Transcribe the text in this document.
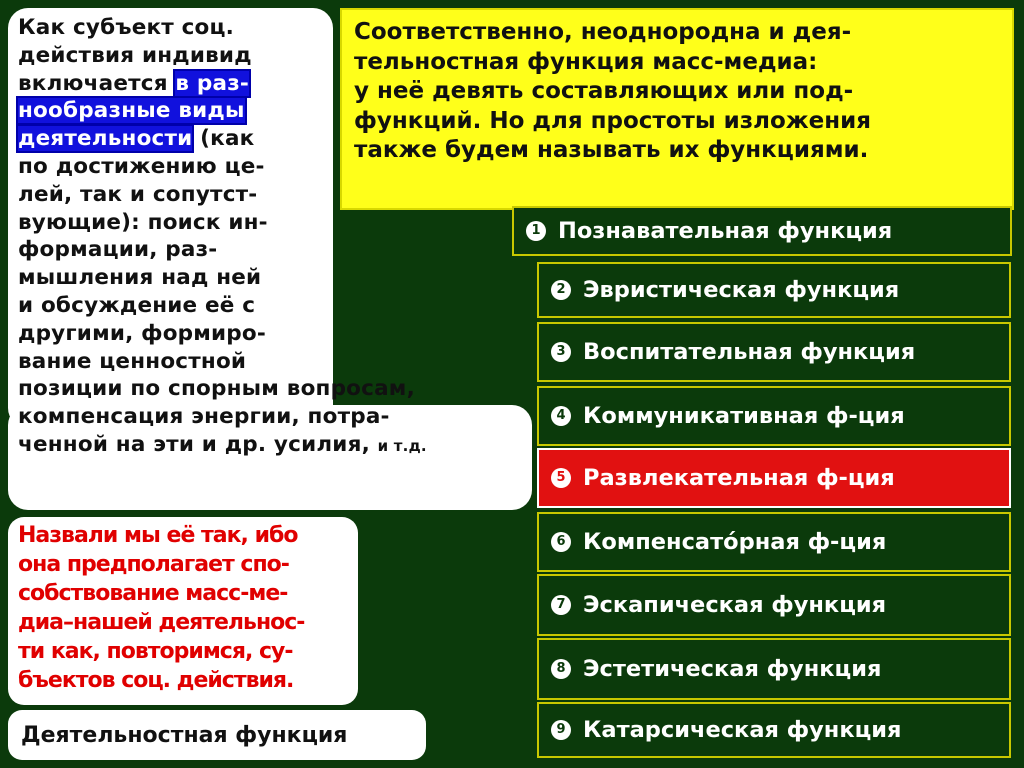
Как субъект соц.
действия индивид
включается в раз-
нообразные виды
деятельности (как
по достижению це-
лей, так и сопутст-
вующие): поиск ин-
формации, раз-
мышления над ней
и обсуждение её с
другими, формиро-
вание ценностной
позиции по спорным вопросам,
компенсация энергии, потра-
ченной на эти и др. усилия, и т.д.
Назвали мы её так, ибо
она предполагает спо-
собствование масс-ме-
диа–нашей деятельнос-
ти как, повторимся, су-
бъектов соц. действия.
Деятельностная функция
Соответственно, неоднородна и дея-
тельностная функция масс-медиа:
у неё девять составляющих или под-
функций. Но для простоты изложения
также будем называть их функциями.
1 Познавательная функция
2 Эвристическая функция
3 Воспитательная функция
4 Коммуникативная ф-ция
5 Развлекательная ф-ция
6 Компенсато́рная ф-ция
7 Эскапическая функция
8 Эстетическая функция
9 Катарсическая функция
